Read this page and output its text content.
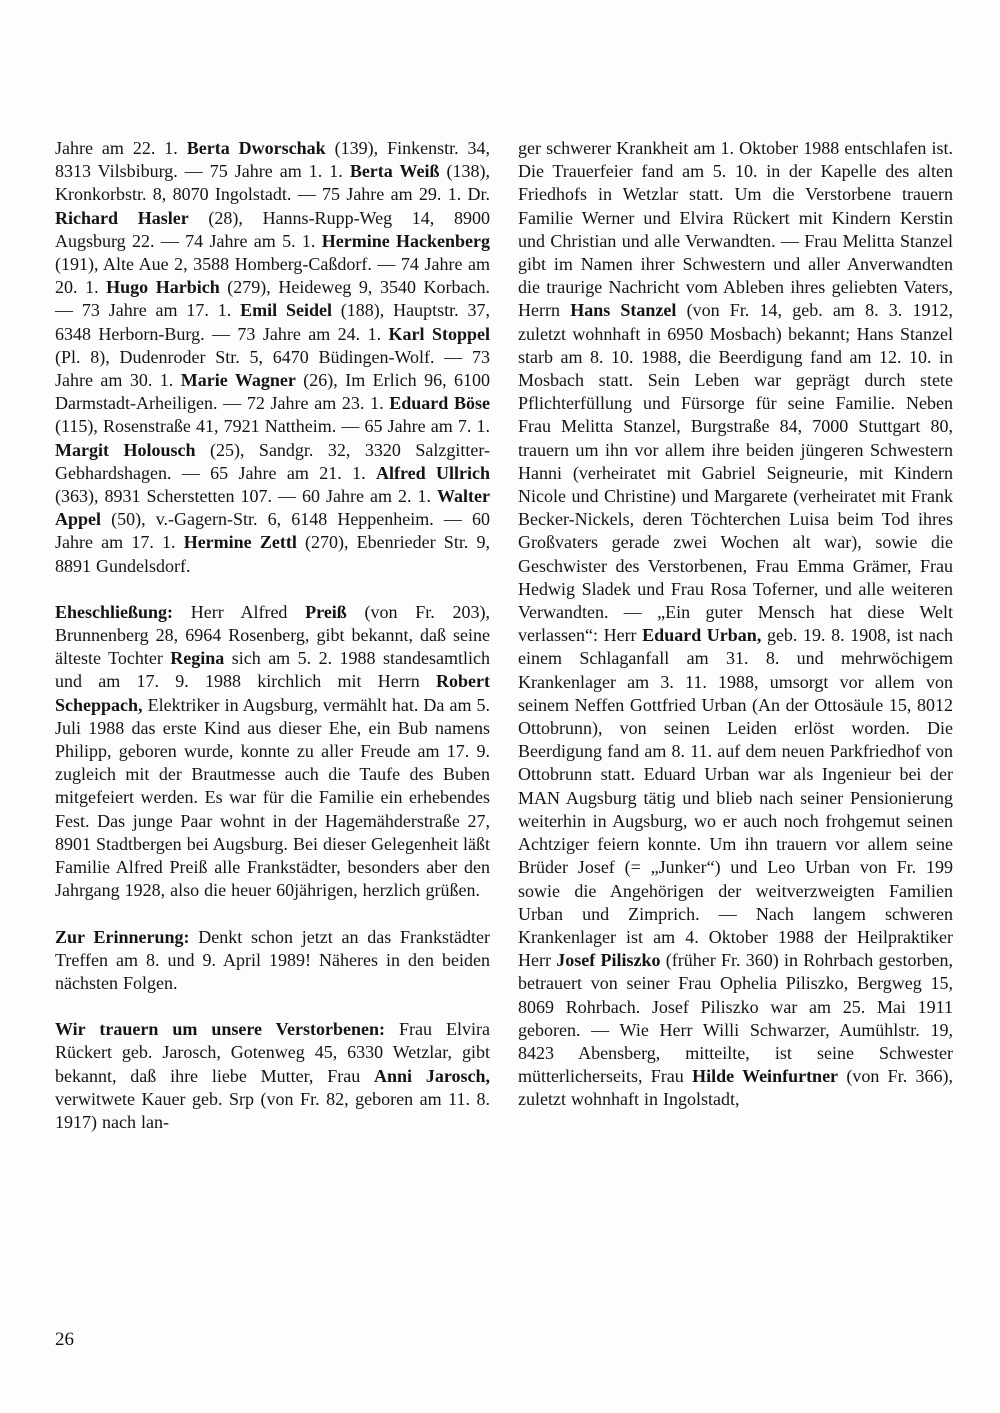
Jahre am 22. 1. Berta Dworschak (139), Finkenstr. 34, 8313 Vilsbiburg. — 75 Jahre am 1. 1. Berta Weiß (138), Kronkorbstr. 8, 8070 Ingolstadt. — 75 Jahre am 29. 1. Dr. Richard Hasler (28), Hanns-Rupp-Weg 14, 8900 Augsburg 22. — 74 Jahre am 5. 1. Hermine Hackenberg (191), Alte Aue 2, 3588 Homberg-Caßdorf. — 74 Jahre am 20. 1. Hugo Harbich (279), Heideweg 9, 3540 Korbach. — 73 Jahre am 17. 1. Emil Seidel (188), Hauptstr. 37, 6348 Herborn-Burg. — 73 Jahre am 24. 1. Karl Stoppel (Pl. 8), Dudenroder Str. 5, 6470 Büdingen-Wolf. — 73 Jahre am 30. 1. Marie Wagner (26), Im Erlich 96, 6100 Darmstadt-Arheiligen. — 72 Jahre am 23. 1. Eduard Böse (115), Rosenstraße 41, 7921 Nattheim. — 65 Jahre am 7. 1. Margit Holousch (25), Sandgr. 32, 3320 Salzgitter-Gebhardshagen. — 65 Jahre am 21. 1. Alfred Ullrich (363), 8931 Scherstetten 107. — 60 Jahre am 2. 1. Walter Appel (50), v.-Gagern-Str. 6, 6148 Heppenheim. — 60 Jahre am 17. 1. Hermine Zettl (270), Ebenrieder Str. 9, 8891 Gundelsdorf.

Eheschließung: Herr Alfred Preiß (von Fr. 203), Brunnenberg 28, 6964 Rosenberg, gibt bekannt, daß seine älteste Tochter Regina sich am 5. 2. 1988 standesamtlich und am 17. 9. 1988 kirchlich mit Herrn Robert Scheppach, Elektriker in Augsburg, vermählt hat. Da am 5. Juli 1988 das erste Kind aus dieser Ehe, ein Bub namens Philipp, geboren wurde, konnte zu aller Freude am 17. 9. zugleich mit der Brautmesse auch die Taufe des Buben mitgefeiert werden. Es war für die Familie ein erhebendes Fest. Das junge Paar wohnt in der Hagemähderstraße 27, 8901 Stadtbergen bei Augsburg. Bei dieser Gelegenheit läßt Familie Alfred Preiß alle Frankstädter, besonders aber den Jahrgang 1928, also die heuer 60jährigen, herzlich grüßen.

Zur Erinnerung: Denkt schon jetzt an das Frankstädter Treffen am 8. und 9. April 1989! Näheres in den beiden nächsten Folgen.

Wir trauern um unsere Verstorbenen: Frau Elvira Rückert geb. Jarosch, Gotenweg 45, 6330 Wetzlar, gibt bekannt, daß ihre liebe Mutter, Frau Anni Jarosch, verwitwete Kauer geb. Srp (von Fr. 82, geboren am 11. 8. 1917) nach lan-

ger schwerer Krankheit am 1. Oktober 1988 entschlafen ist. Die Trauerfeier fand am 5. 10. in der Kapelle des alten Friedhofs in Wetzlar statt. Um die Verstorbene trauern Familie Werner und Elvira Rückert mit Kindern Kerstin und Christian und alle Verwandten. — Frau Melitta Stanzel gibt im Namen ihrer Schwestern und aller Anverwandten die traurige Nachricht vom Ableben ihres geliebten Vaters, Herrn Hans Stanzel (von Fr. 14, geb. am 8. 3. 1912, zuletzt wohnhaft in 6950 Mosbach) bekannt; Hans Stanzel starb am 8. 10. 1988, die Beerdigung fand am 12. 10. in Mosbach statt. Sein Leben war geprägt durch stete Pflichterfüllung und Fürsorge für seine Familie. Neben Frau Melitta Stanzel, Burgstraße 84, 7000 Stuttgart 80, trauern um ihn vor allem ihre beiden jüngeren Schwestern Hanni (verheiratet mit Gabriel Seigneurie, mit Kindern Nicole und Christine) und Margarete (verheiratet mit Frank Becker-Nickels, deren Töchterchen Luisa beim Tod ihres Großvaters gerade zwei Wochen alt war), sowie die Geschwister des Verstorbenen, Frau Emma Grämer, Frau Hedwig Sladek und Frau Rosa Toferner, und alle weiteren Verwandten. — „Ein guter Mensch hat diese Welt verlassen“: Herr Eduard Urban, geb. 19. 8. 1908, ist nach einem Schlaganfall am 31. 8. und mehrwöchigem Krankenlager am 3. 11. 1988, umsorgt vor allem von seinem Neffen Gottfried Urban (An der Ottosäule 15, 8012 Ottobrunn), von seinen Leiden erlöst worden. Die Beerdigung fand am 8. 11. auf dem neuen Parkfriedhof von Ottobrunn statt. Eduard Urban war als Ingenieur bei der MAN Augsburg tätig und blieb nach seiner Pensionierung weiterhin in Augsburg, wo er auch noch frohgemut seinen Achtziger feiern konnte. Um ihn trauern vor allem seine Brüder Josef (= „Junker“) und Leo Urban von Fr. 199 sowie die Angehörigen der weitverzweigten Familien Urban und Zimprich. — Nach langem schweren Krankenlager ist am 4. Oktober 1988 der Heilpraktiker Herr Josef Piliszko (früher Fr. 360) in Rohrbach gestorben, betrauert von seiner Frau Ophelia Piliszko, Bergweg 15, 8069 Rohrbach. Josef Piliszko war am 25. Mai 1911 geboren. — Wie Herr Willi Schwarzer, Aumühlstr. 19, 8423 Abensberg, mitteilte, ist seine Schwester mütterlicherseits, Frau Hilde Weinfurtner (von Fr. 366), zuletzt wohnhaft in Ingolstadt,

26
